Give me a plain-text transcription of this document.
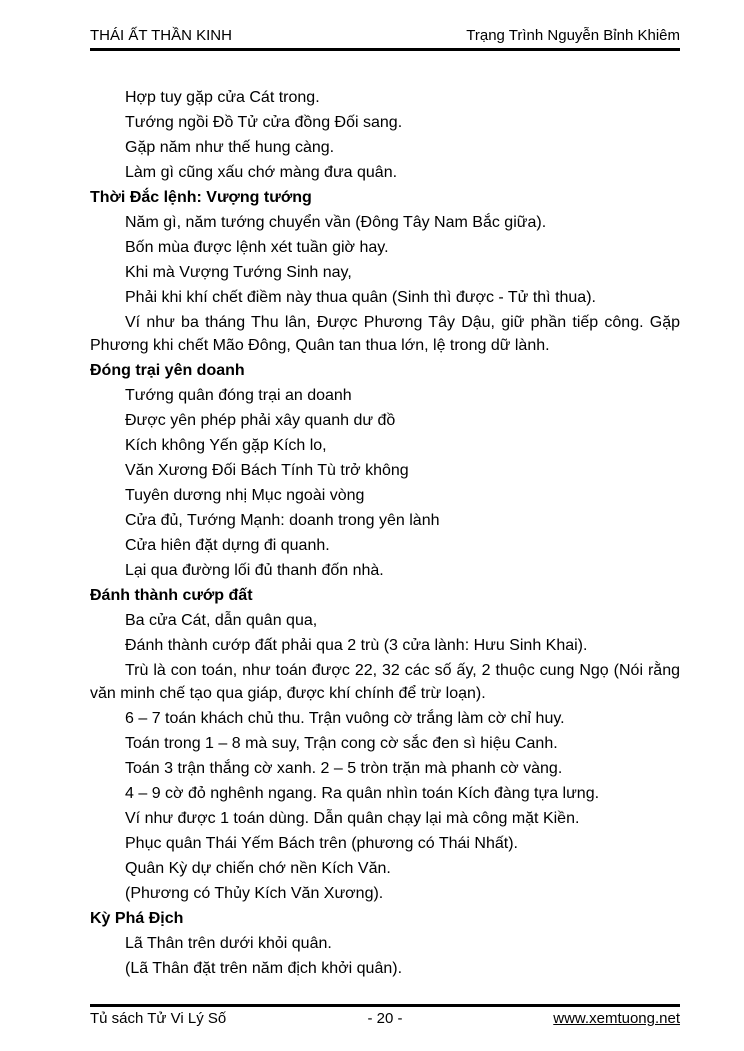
THÁI ẤT THẦN KINH	Trạng Trình Nguyễn Bỉnh Khiêm

Hợp tuy gặp cửa Cát trong.

Tướng ngồi Đồ Tử cửa đồng Đối sang.

Gặp năm như thế hung càng.

Làm gì cũng xấu chớ màng đưa quân.

Thời Đắc lệnh: Vượng tướng

Năm gì, năm tướng chuyển vần (Đông Tây Nam Bắc giữa).

Bốn mùa được lệnh xét tuần giờ hay.

Khi mà Vượng Tướng Sinh nay,

Phải khi khí chết điềm này thua quân (Sinh thì được - Tử thì thua).

Ví như ba tháng Thu lân, Được Phương Tây Dậu, giữ phần tiếp công. Gặp Phương khi chết Mão Đông, Quân tan thua lớn, lệ trong dữ lành.

Đóng trại yên doanh

Tướng quân đóng trại an doanh

Được yên phép phải xây quanh dư đồ

Kích không Yến gặp Kích lo,

Văn Xương Đối Bách Tính Tù trở không

Tuyên dương nhị Mục ngoài vòng

Cửa đủ, Tướng Mạnh: doanh trong yên lành

Cửa hiên đặt dựng đi quanh.

Lại qua đường lối đủ thanh đốn nhà.

Đánh thành cướp đất

Ba cửa Cát, dẫn quân qua,

Đánh thành cướp đất phải qua 2 trù (3 cửa lành: Hưu Sinh Khai).

Trù là con toán, như toán được 22, 32 các số ấy, 2 thuộc cung Ngọ (Nói rằng văn minh chế tạo qua giáp, được khí chính để trừ loạn).

6 – 7 toán khách chủ thu. Trận vuông cờ trắng làm cờ chỉ huy.

Toán trong 1 – 8 mà suy, Trận cong cờ sắc đen sì hiệu Canh.

Toán 3 trận thắng cờ xanh. 2 – 5 tròn trặn mà phanh cờ vàng.

4 – 9 cờ đỏ nghênh ngang. Ra quân nhìn toán Kích đàng tựa lưng.

Ví như được 1 toán dùng. Dẫn quân chạy lại mà công mặt Kiền.

Phục quân Thái Yếm Bách trên (phương có Thái Nhất).

Quân Kỳ dự chiến chớ nền Kích Văn.

(Phương có Thủy Kích Văn Xương).

Kỳ Phá Địch

Lã Thân trên dưới khỏi quân.

(Lã Thân đặt trên năm địch khởi quân).

Tủ sách Tử Vi Lý Số	- 20 -	www.xemtuong.net
